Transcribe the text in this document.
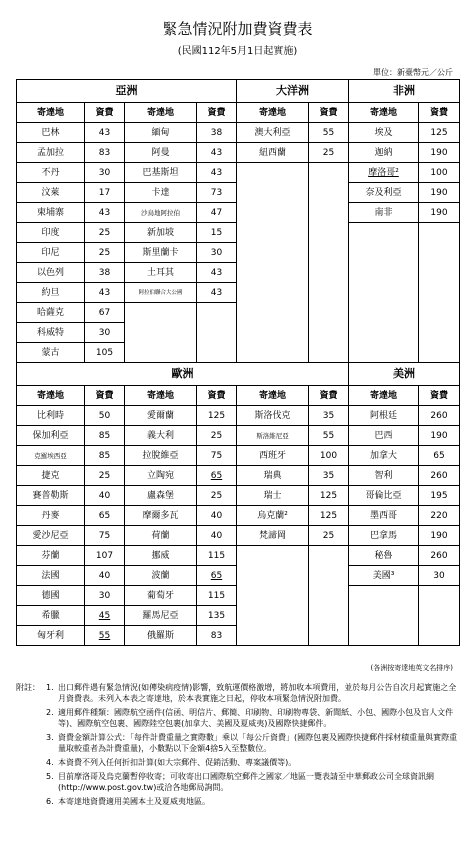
緊急情況附加費資費表
(民國112年5月1日起實施)
單位：新臺幣元／公斤
亞洲				大洋洲		非洲	
寄達地	資費	寄達地	資費	寄達地	資費	寄達地	資費
巴林	43	緬甸	38	澳大利亞	55	埃及	125
孟加拉	83	阿曼	43	紐西蘭	25	迦納	190
不丹	30	巴基斯坦	43			摩洛哥²	100
汶萊	17	卡達	73			奈及利亞	190
柬埔寨	43	沙烏地阿拉伯	47			南非	190
印度	25	新加坡	15				
印尼	25	斯里蘭卡	30				
以色列	38	土耳其	43				
約旦	43	阿拉伯聯合大公國	43				
哈薩克	67						
科威特	30						
蒙古	105						
歐洲						美洲	
寄達地	資費	寄達地	資費	寄達地	資費	寄達地	資費
比利時	50	愛爾蘭	125	斯洛伐克	35	阿根廷	260
保加利亞	85	義大利	25	斯洛維尼亞	55	巴西	190
克羅埃西亞	85	拉脫維亞	75	西班牙	100	加拿大	65
捷克	25	立陶宛	65	瑞典	35	智利	260
賽普勒斯	40	盧森堡	25	瑞士	125	哥倫比亞	195
丹麥	65	摩爾多瓦	40	烏克蘭²	125	墨西哥	220
愛沙尼亞	75	荷蘭	40	梵諦岡	25	巴拿馬	190
芬蘭	107	挪威	115			秘魯	260
法國	40	波蘭	65			美國³	30
德國	30	葡萄牙	115				
希臘	45	羅馬尼亞	135				
匈牙利	55	俄羅斯	83				
(各洲按寄達地英文名排序)
附註： 1. 出口郵件遇有緊急情況(如傳染病疫情)影響，致航運價格激增，將加收本項費用，並於每月公告自次月起實施之全月資費表。未列入本表之寄達地，於本表實施之日起，停收本項緊急情況附加費。
2. 適用郵件種類：國際航空函件(信函、明信片、郵簡、印刷物、印刷物專袋、新聞紙、小包、國際小包及盲人文件等)、國際航空包裹、國際陸空包裹(加拿大、美國及夏威夷)及國際快捷郵件。
3. 資費金額計算公式：「每件計費重量之實際數」乘以「每公斤資費」(國際包裹及國際快捷郵件採材積重量與實際重量取較重者為計費重量)，小數點以下金額4捨5入至整數位。
4. 本資費不列入任何折扣計算(如大宗郵件、促銷活動、專案議價等)。
5. 目前摩洛哥及烏克蘭暫停收寄；可收寄出口國際航空郵件之國家／地區一覽表請至中華郵政公司全球資訊網(http://www.post.gov.tw)或洽各地郵局詢問。
6. 本寄達地資費適用美國本土及夏威夷地區。
